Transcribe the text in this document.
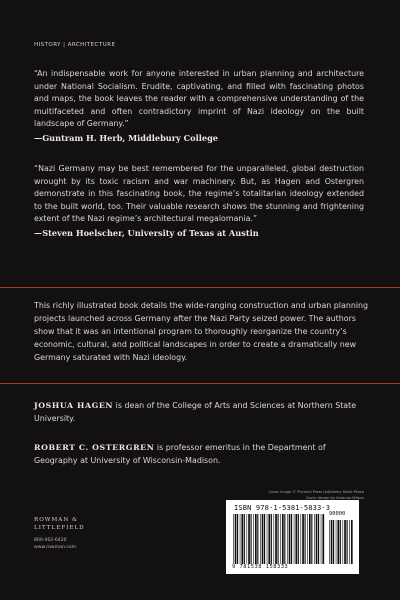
HISTORY | ARCHITECTURE
“An indispensable work for anyone interested in urban planning and architecture under National Socialism. Erudite, captivating, and filled with fascinating photos and maps, the book leaves the reader with a comprehensive understanding of the multifaceted and often contradictory imprint of Nazi ideology on the built landscape of Germany.”
—Guntram H. Herb, Middlebury College
“Nazi Germany may be best remembered for the unparalleled, global destruction wrought by its toxic racism and war machinery. But, as Hagen and Ostergren demonstrate in this fascinating book, the regime’s totalitarian ideology extended to the built world, too. Their valuable research shows the stunning and frightening extent of the Nazi regime’s architectural megalomania.”
—Steven Hoelscher, University of Texas at Austin
This richly illustrated book details the wide-ranging construction and urban planning projects launched across Germany after the Nazi Party seized power. The authors show that it was an intentional program to thoroughly reorganize the country’s economic, cultural, and political landscapes in order to create a dramatically new Germany saturated with Nazi ideology.
JOSHUA HAGEN is dean of the College of Arts and Sciences at Northern State University.
ROBERT C. OSTERGREN is professor emeritus in the Department of Geography at University of Wisconsin-Madison.
Cover image © Pictorial Press Ltd/Alamy Stock Photo
Cover design by Amanda Wilson
ROWMAN &
LITTLEFIELD
800-462-6420
www.rowman.com
ISBN 978-1-5381-5833-3
90000
9 781538 158333
